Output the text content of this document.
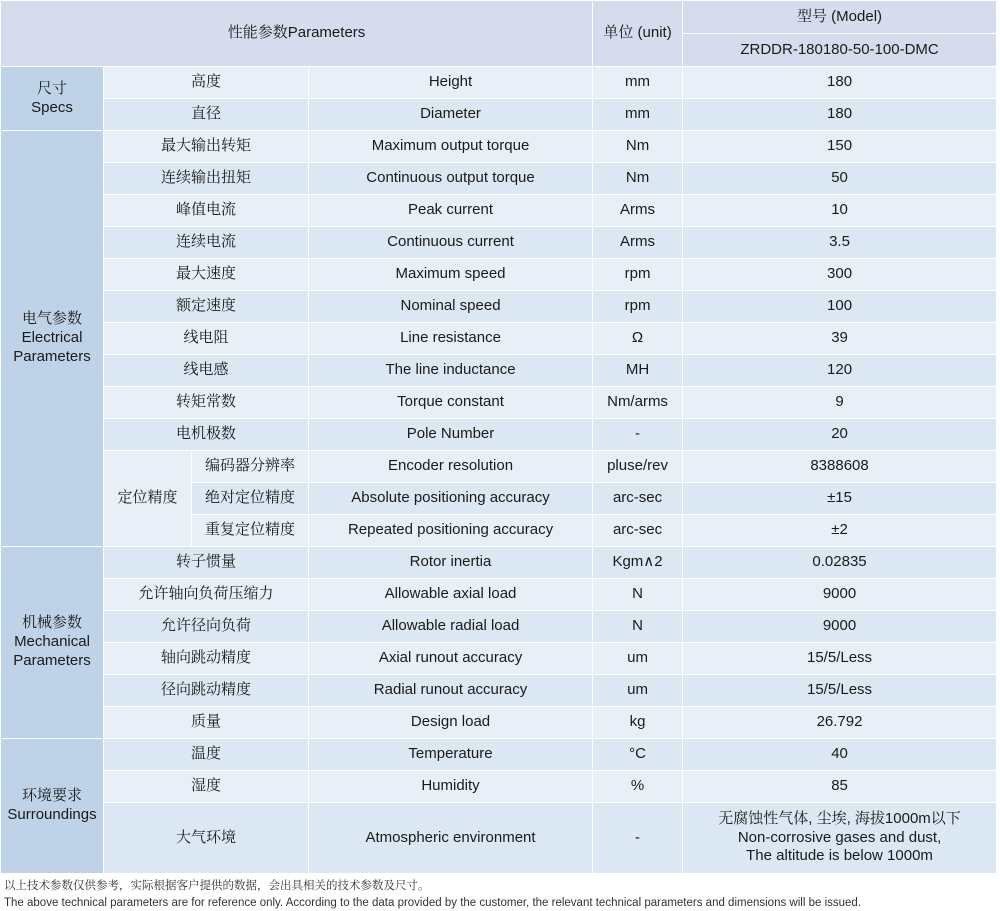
性能参数Parameters				单位 (unit)	型号 (Model)
					ZRDDR-180180-50-100-DMC

尺寸
Specs	高度		Height	mm	180
	直径		Diameter	mm	180

电气参数
Electrical
Parameters	最大输出转矩		Maximum output torque	Nm	150
	连续输出扭矩		Continuous output torque	Nm	50
	峰值电流		Peak current	Arms	10
	连续电流		Continuous current	Arms	3.5
	最大速度		Maximum speed	rpm	300
	额定速度		Nominal speed	rpm	100
	线电阻		Line resistance	Ω	39
	线电感		The line inductance	MH	120
	转矩常数		Torque constant	Nm/arms	9
	电机极数		Pole Number	-	20
	定位精度	编码器分辨率	Encoder resolution	pluse/rev	8388608
		绝对定位精度	Absolute positioning accuracy	arc-sec	±15
		重复定位精度	Repeated positioning accuracy	arc-sec	±2

机械参数
Mechanical
Parameters	转子惯量		Rotor inertia	Kgm∧2	0.02835
	允许轴向负荷压缩力		Allowable axial load	N	9000
	允许径向负荷		Allowable radial load	N	9000
	轴向跳动精度		Axial runout accuracy	um	15/5/Less
	径向跳动精度		Radial runout accuracy	um	15/5/Less
	质量		Design load	kg	26.792

环境要求
Surroundings	温度		Temperature	°C	40
	湿度		Humidity	%	85
	大气环境		Atmospheric environment	-	无腐蚀性气体, 尘埃, 海拔1000m以下
Non-corrosive gases and dust,
The altitude is below 1000m
以上技术参数仅供参考，实际根据客户提供的数据，会出具相关的技术参数及尺寸。
The above technical parameters are for reference only. According to the data provided by the customer, the relevant technical parameters and dimensions will be issued.
